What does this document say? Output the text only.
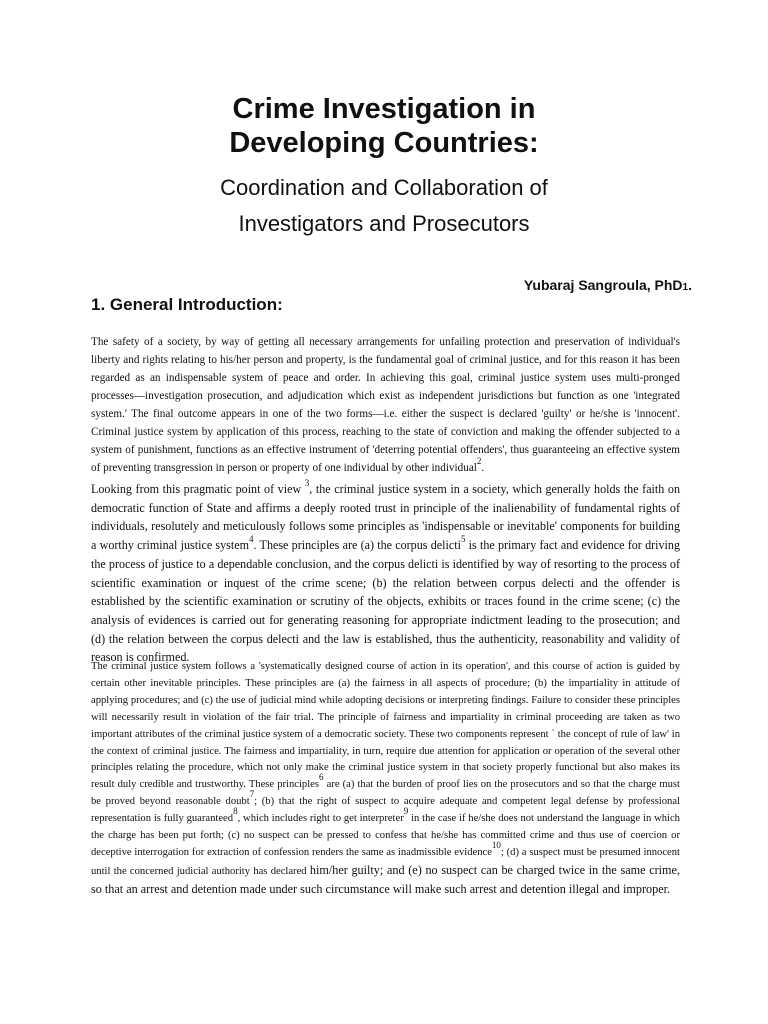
Crime Investigation in
Developing Countries:
Coordination and Collaboration of
Investigators and Prosecutors

Yubaraj Sangroula, PhD1.

1. General Introduction:

The safety of a society, by way of getting all necessary arrangements for unfailing protection and preservation of individual's liberty and rights relating to his/her person and property, is the fundamental goal of criminal justice, and for this reason it has been regarded as an indispensable system of peace and order. In achieving this goal, criminal justice system uses multi-pronged processes—investigation prosecution, and adjudication which exist as independent jurisdictions but function as one 'integrated system.' The final outcome appears in one of the two forms—i.e. either the suspect is declared 'guilty' or he/she is 'innocent'. Criminal justice system by application of this process, reaching to the state of conviction and making the offender subjected to a system of punishment, functions as an effective instrument of 'deterring potential offenders', thus guaranteeing an effective system of preventing transgression in person or property of one individual by other individual$^2$.

Looking from this pragmatic point of view $^3$, the criminal justice system in a society, which generally holds the faith on democratic function of State and affirms a deeply rooted trust in principle of the inalienability of fundamental rights of individuals, resolutely and meticulously follows some principles as 'indispensable or inevitable' components for building a worthy criminal justice system$^4$. These principles are (a) the corpus delicti$^5$ is the primary fact and evidence for driving the process of justice to a dependable conclusion, and the corpus delicti is identified by way of resorting to the process of scientific examination or inquest of the crime scene; (b) the relation between corpus delecti and the offender is established by the scientific examination or scrutiny of the objects, exhibits or traces found in the crime scene; (c) the analysis of evidences is carried out for generating reasoning for appropriate indictment leading to the prosecution; and (d) the relation between the corpus delecti and the law is established, thus the authenticity, reasonability and validity of reason is confirmed.

The criminal justice system follows a 'systematically designed course of action in its operation', and this course of action is guided by certain other inevitable principles. These principles are (a) the fairness in all aspects of procedure; (b) the impartiality in attitude of applying procedures; and (c) the use of judicial mind while adopting decisions or interpreting findings. Failure to consider these principles will necessarily result in violation of the fair trial. The principle of fairness and impartiality in criminal proceeding are taken as two important attributes of the criminal justice system of a democratic society. These two components represent ` the concept of rule of law' in the context of criminal justice. The fairness and impartiality, in turn, require due attention for application or operation of the several other principles relating the procedure, which not only make the criminal justice system in that society properly functional but also makes its result duly credible and trustworthy. These principles$^6$ are (a) that the burden of proof lies on the prosecutors and so that the charge must be proved beyond reasonable doubt$^7$; (b) that the right of suspect to acquire adequate and competent legal defense by professional representation is fully guaranteed$^8$, which includes right to get interpreter$^9$ in the case if he/she does not understand the language in which the charge has been put forth; (c) no suspect can be pressed to confess that he/she has committed crime and thus use of coercion or deceptive interrogation for extraction of confession renders the same as inadmissible evidence$^{10}$; (d) a suspect must be presumed innocent until the concerned judicial authority has declared him/her guilty; and (e) no suspect can be charged twice in the same crime, so that an arrest and detention made under such circumstance will make such arrest and detention illegal and improper.
